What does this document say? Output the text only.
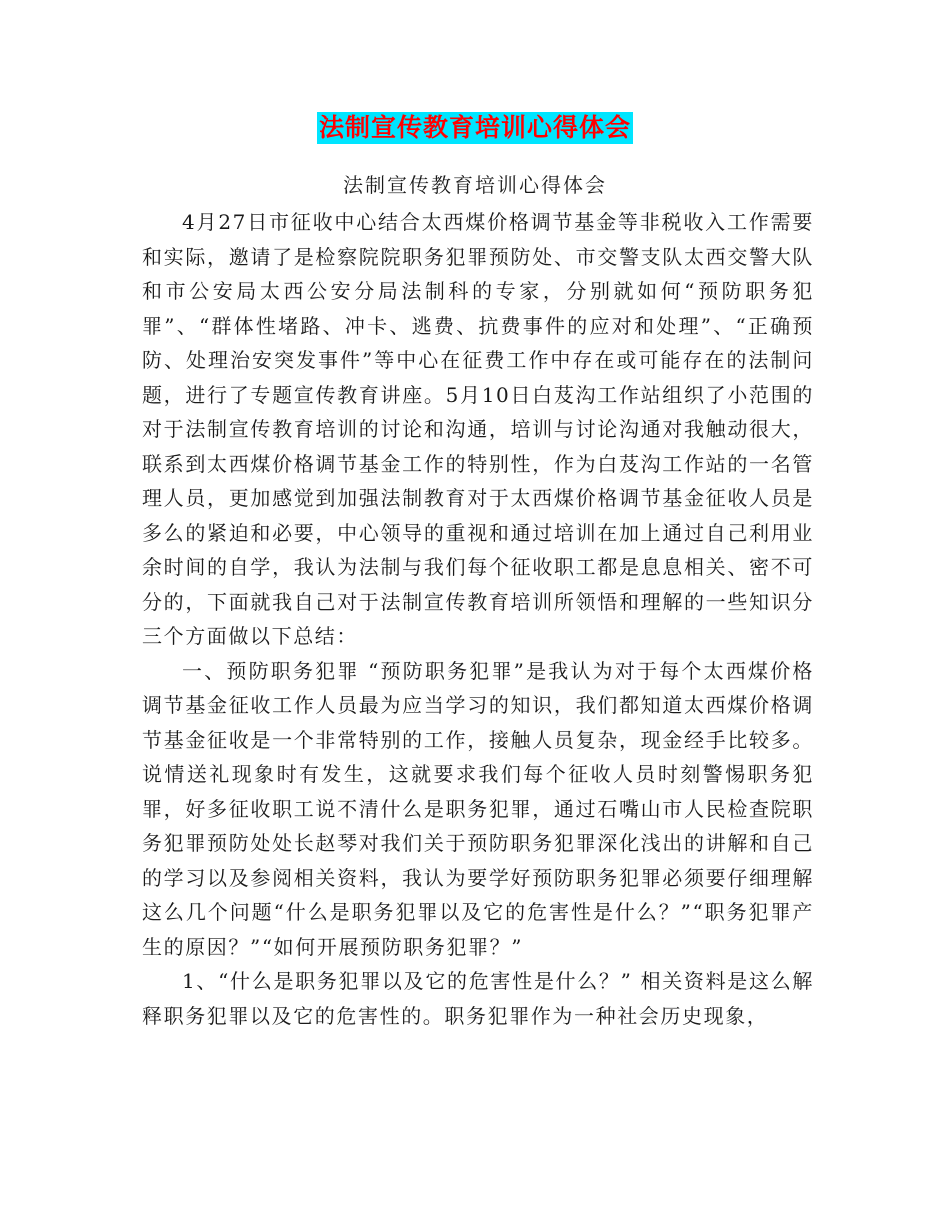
法制宣传教育培训心得体会
法制宣传教育培训心得体会

4月27日市征收中心结合太西煤价格调节基金等非税收入工作需要和实际，邀请了是检察院院职务犯罪预防处、市交警支队太西交警大队和市公安局太西公安分局法制科的专家，分别就如何“预防职务犯罪”、“群体性堵路、冲卡、逃费、抗费事件的应对和处理”、“正确预防、处理治安突发事件”等中心在征费工作中存在或可能存在的法制问题，进行了专题宣传教育讲座。5月10日白芨沟工作站组织了小范围的对于法制宣传教育培训的讨论和沟通，培训与讨论沟通对我触动很大，联系到太西煤价格调节基金工作的特别性，作为白芨沟工作站的一名管理人员，更加感觉到加强法制教育对于太西煤价格调节基金征收人员是多么的紧迫和必要，中心领导的重视和通过培训在加上通过自己利用业余时间的自学，我认为法制与我们每个征收职工都是息息相关、密不可分的，下面就我自己对于法制宣传教育培训所领悟和理解的一些知识分三个方面做以下总结：

一、预防职务犯罪 “预防职务犯罪”是我认为对于每个太西煤价格调节基金征收工作人员最为应当学习的知识，我们都知道太西煤价格调节基金征收是一个非常特别的工作，接触人员复杂，现金经手比较多。说情送礼现象时有发生，这就要求我们每个征收人员时刻警惕职务犯罪，好多征收职工说不清什么是职务犯罪，通过石嘴山市人民检查院职务犯罪预防处处长赵琴对我们关于预防职务犯罪深化浅出的讲解和自己的学习以及参阅相关资料，我认为要学好预防职务犯罪必须要仔细理解这么几个问题“什么是职务犯罪以及它的危害性是什么？”“职务犯罪产生的原因？”“如何开展预防职务犯罪？”

1、“什么是职务犯罪以及它的危害性是什么？” 相关资料是这么解释职务犯罪以及它的危害性的。职务犯罪作为一种社会历史现象，
